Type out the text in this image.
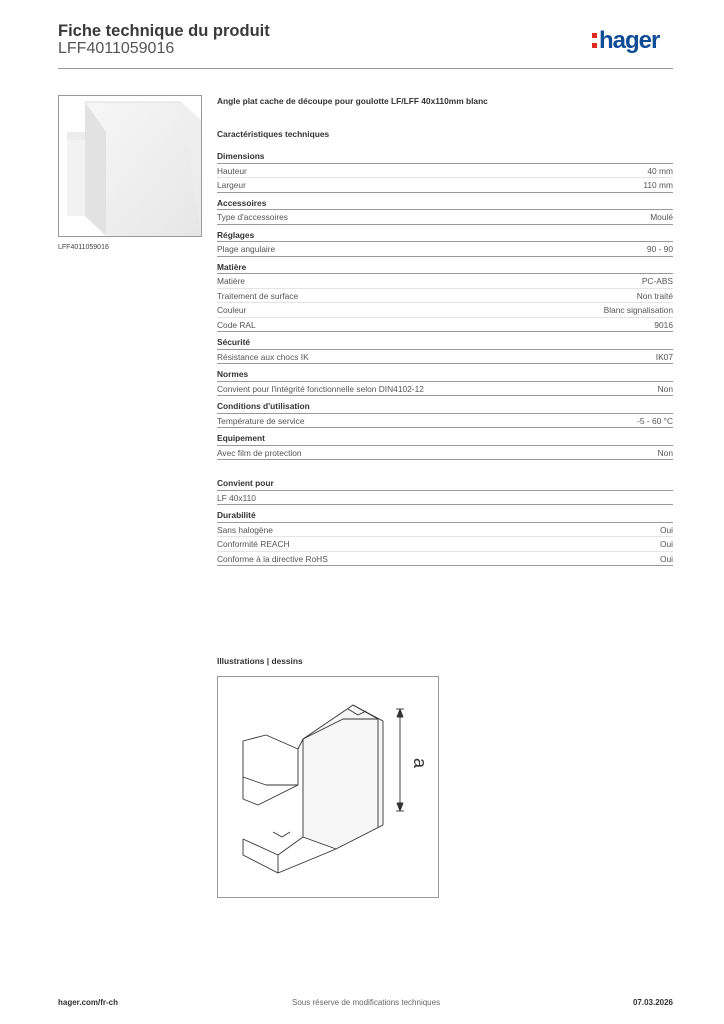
Fiche technique du produit
LFF4011059016	hager
LFF4011059016
Angle plat cache de découpe pour goulotte LF/LFF 40x110mm blanc
Caractéristiques techniques
Dimensions
Hauteur	40 mm
Largeur	110 mm
Accessoires
Type d'accessoires	Moulé
Réglages
Plage angulaire	90 - 90
Matière
Matière	PC-ABS
Traitement de surface	Non traité
Couleur	Blanc signalisation
Code RAL	9016
Sécurité
Résistance aux chocs IK	IK07
Normes
Convient pour l'intégrité fonctionnelle selon DIN4102-12	Non
Conditions d'utilisation
Température de service	-5 - 60 °C
Equipement
Avec film de protection	Non
Convient pour
LF 40x110
Durabilité
Sans halogène	Oui
Conformité REACH	Oui
Conforme à la directive RoHS	Oui
Illustrations | dessins
a
hager.com/fr-ch	Sous réserve de modifications techniques	07.03.2026
